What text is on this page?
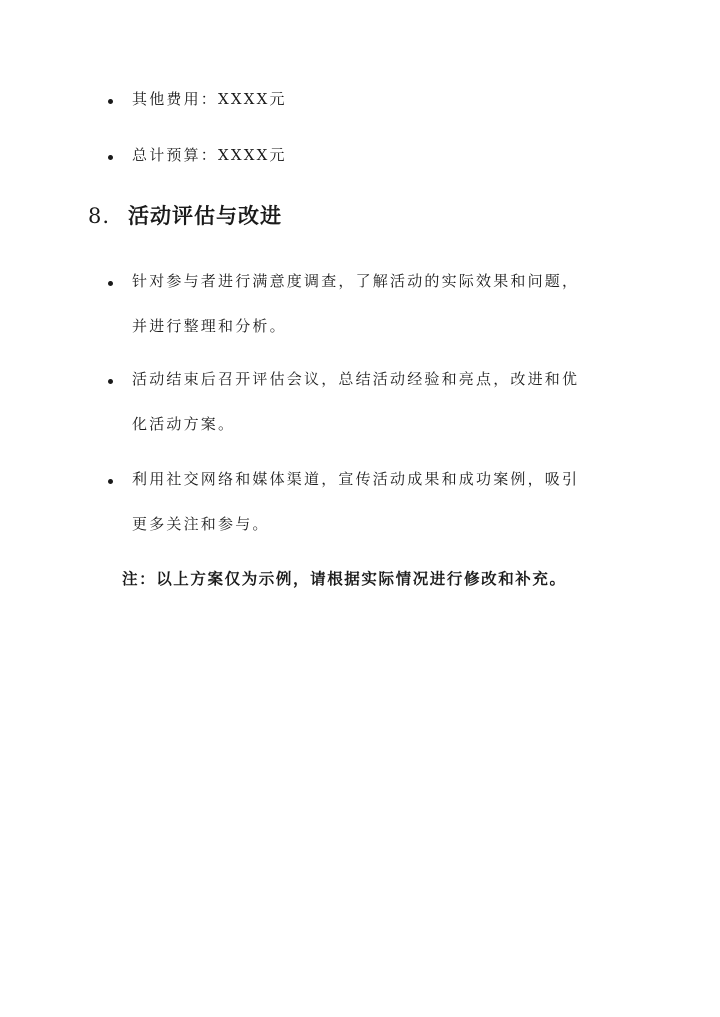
其他费用：XXXX元
总计预算：XXXX元
8. 活动评估与改进
针对参与者进行满意度调查，了解活动的实际效果和问题，
并进行整理和分析。
活动结束后召开评估会议，总结活动经验和亮点，改进和优
化活动方案。
利用社交网络和媒体渠道，宣传活动成果和成功案例，吸引
更多关注和参与。
注：以上方案仅为示例，请根据实际情况进行修改和补充。
